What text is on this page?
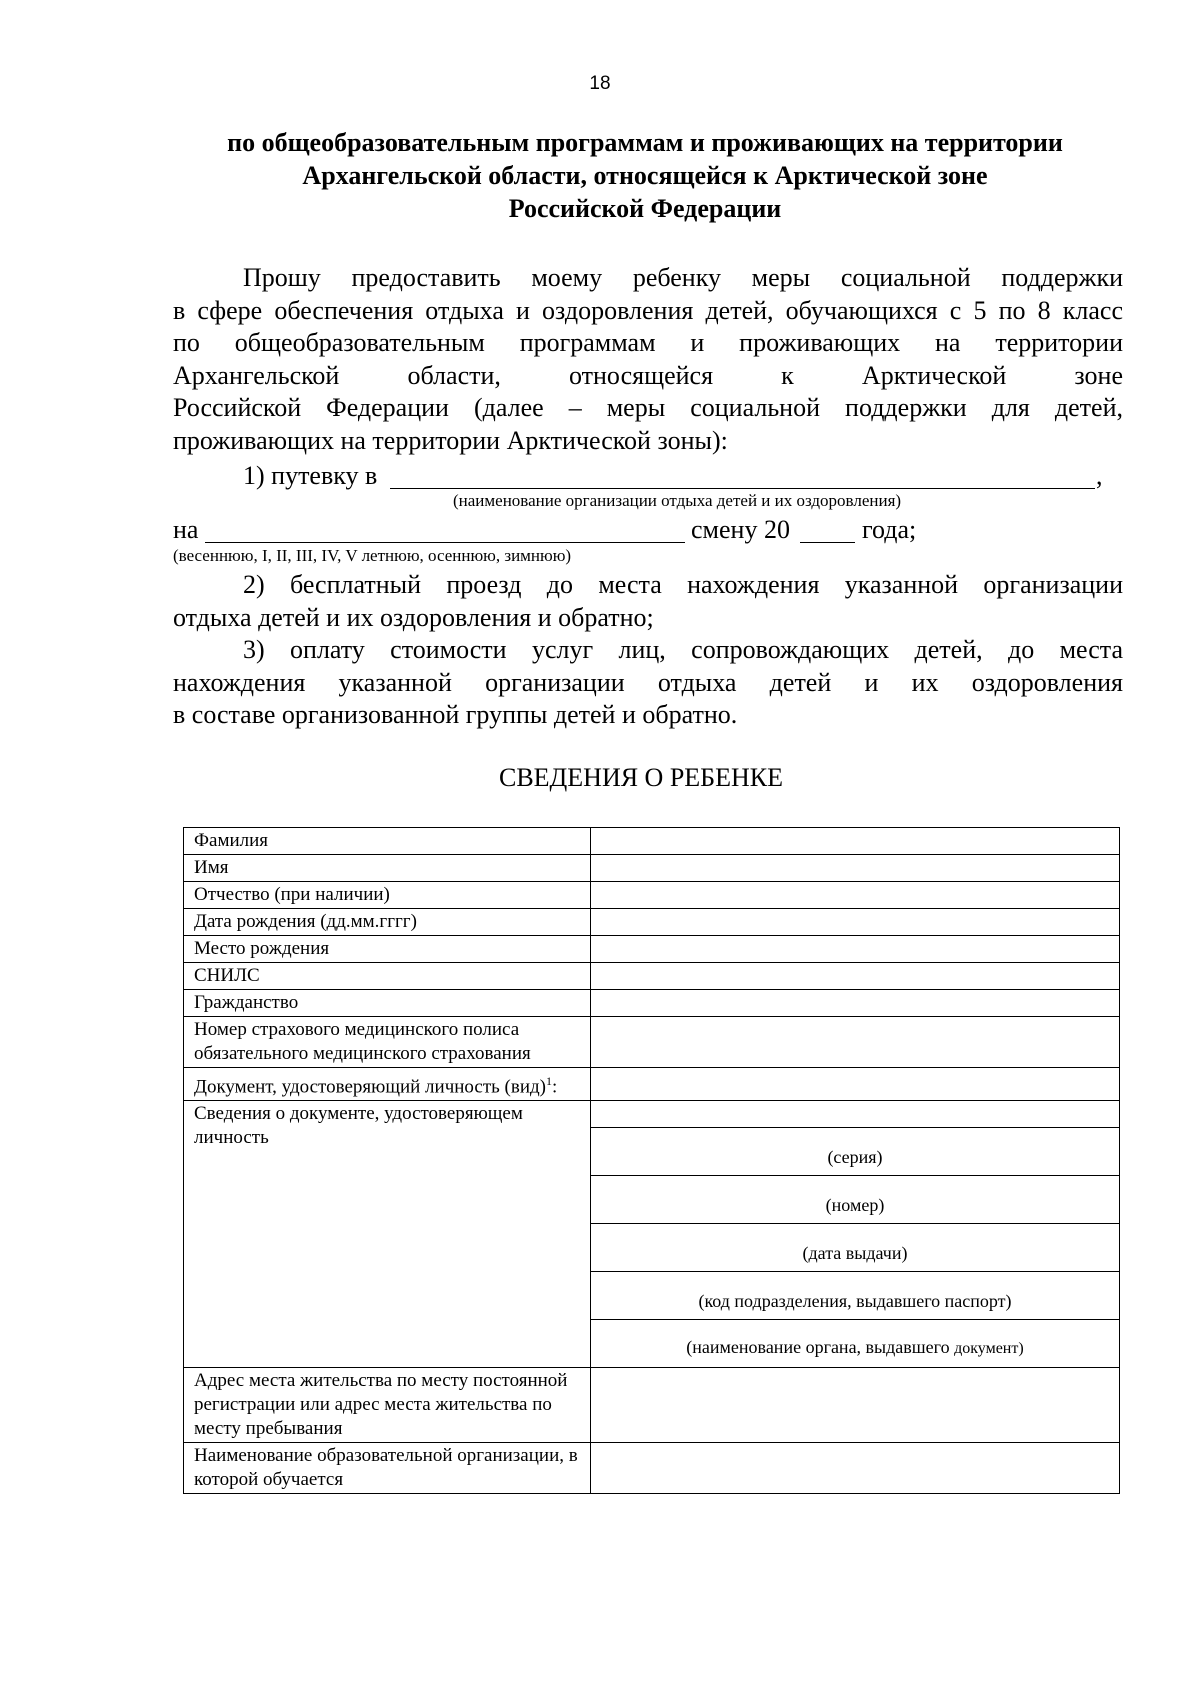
18
по общеобразовательным программам и проживающих на территории
Архангельской области, относящейся к Арктической зоне
Российской Федерации
Прошу предоставить моему ребенку меры социальной поддержки
в сфере обеспечения отдыха и оздоровления детей, обучающихся с 5 по 8 класс
по общеобразовательным программам и проживающих на территории
Архангельской области, относящейся к Арктической зоне
Российской Федерации (далее – меры социальной поддержки для детей,
проживающих на территории Арктической зоны):
1) путевку в	,
(наименование организации отдыха детей и их оздоровления)
на	смену 20	года;
(весеннюю, I, II, III, IV, V летнюю, осеннюю, зимнюю)
2) бесплатный проезд до места нахождения указанной организации
отдыха детей и их оздоровления и обратно;
3) оплату стоимости услуг лиц, сопровождающих детей, до места
нахождения указанной организации отдыха детей и их оздоровления
в составе организованной группы детей и обратно.
СВЕДЕНИЯ О РЕБЕНКЕ
Фамилия	
Имя	
Отчество (при наличии)	
Дата рождения (дд.мм.гггг)	
Место рождения	
СНИЛС	
Гражданство	
Номер страхового медицинского полиса обязательного медицинского страхования	
Документ, удостоверяющий личность (вид)$^1$:	
Сведения о документе, удостоверяющем личность	
	(серия)
	(номер)
	(дата выдачи)
	(код подразделения, выдавшего паспорт)
	(наименование органа, выдавшего документ)
Адрес места жительства по месту постоянной регистрации или адрес места жительства по месту пребывания	
Наименование образовательной организации, в которой обучается	
